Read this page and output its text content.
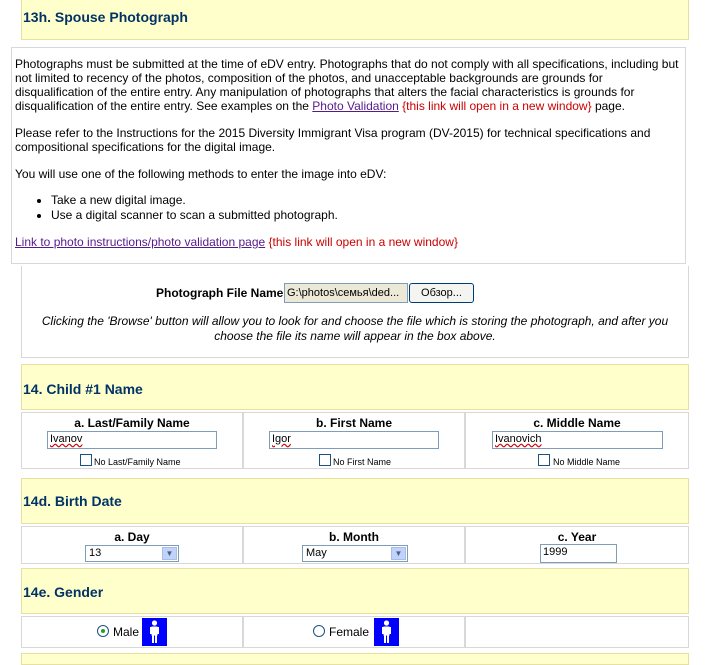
13h. Spouse Photograph

Photographs must be submitted at the time of eDV entry. Photographs that do not comply with all specifications, including but not limited to recency of the photos, composition of the photos, and unacceptable backgrounds are grounds for disqualification of the entire entry. Any manipulation of photographs that alters the facial characteristics is grounds for disqualification of the entire entry. See examples on the Photo Validation {this link will open in a new window} page.

Please refer to the Instructions for the 2015 Diversity Immigrant Visa program (DV-2015) for technical specifications and compositional specifications for the digital image.

You will use one of the following methods to enter the image into eDV:

• Take a new digital image.
• Use a digital scanner to scan a submitted photograph.

Link to photo instructions/photo validation page {this link will open in a new window}

Photograph File Name G:\photos\семья\ded...	Обзор...

Clicking the 'Browse' button will allow you to look for and choose the file which is storing the photograph, and after you choose the file its name will appear in the box above.

14. Child #1 Name
a. Last/Family Name
Ivanov
No Last/Family Name
b. First Name
Igor
No First Name
c. Middle Name
Ivanovich
No Middle Name
14d. Birth Date
a. Day
13	▼
b. Month
May	▼
c. Year
1999
14e. Gender
Male	Female
